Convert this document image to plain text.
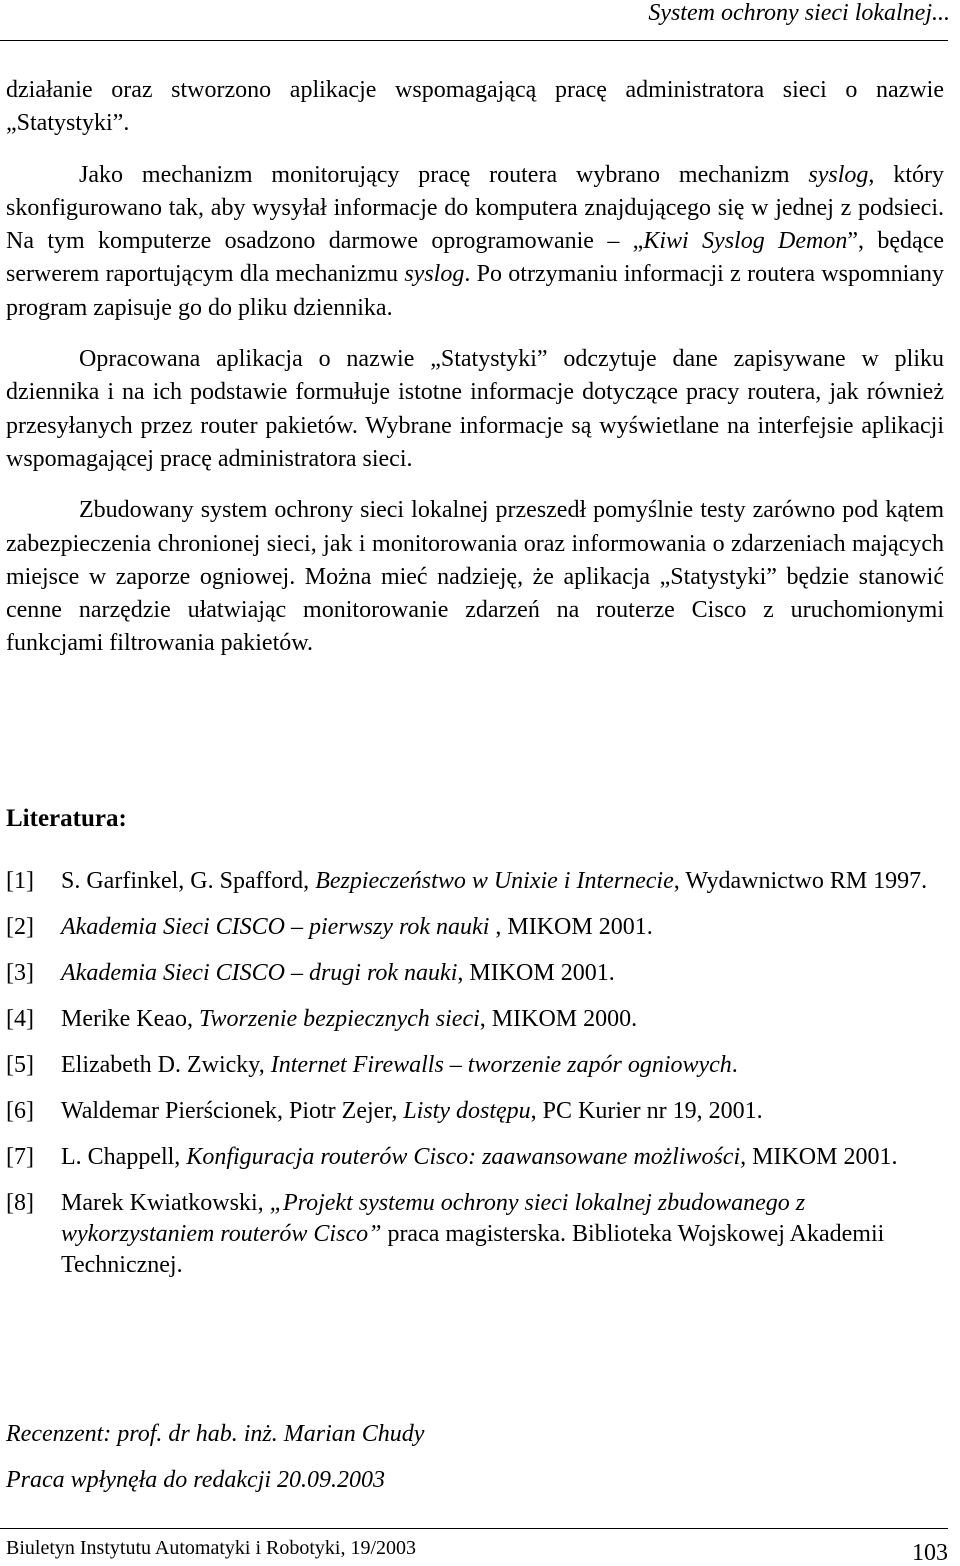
System ochrony sieci lokalnej...

działanie oraz stworzono aplikacje wspomagającą pracę administratora sieci o nazwie „Statystyki”.

Jako mechanizm monitorujący pracę routera wybrano mechanizm syslog, który skonfigurowano tak, aby wysyłał informacje do komputera znajdującego się w jednej z podsieci. Na tym komputerze osadzono darmowe oprogramowanie – „Kiwi Syslog Demon”, będące serwerem raportującym dla mechanizmu syslog. Po otrzymaniu informacji z routera wspomniany program zapisuje go do pliku dziennika.

Opracowana aplikacja o nazwie „Statystyki” odczytuje dane zapisywane w pliku dziennika i na ich podstawie formułuje istotne informacje dotyczące pracy routera, jak również przesyłanych przez router pakietów. Wybrane informacje są wyświetlane na interfejsie aplikacji wspomagającej pracę administratora sieci.

Zbudowany system ochrony sieci lokalnej przeszedł pomyślnie testy zarówno pod kątem zabezpieczenia chronionej sieci, jak i monitorowania oraz informowania o zdarzeniach mających miejsce w zaporze ogniowej. Można mieć nadzieję, że aplikacja „Statystyki” będzie stanowić cenne narzędzie ułatwiając monitorowanie zdarzeń na routerze Cisco z uruchomionymi funkcjami filtrowania pakietów.

Literatura:
[1]	S. Garfinkel, G. Spafford, Bezpieczeństwo w Unixie i Internecie, Wydawnictwo RM 1997.
[2]	Akademia Sieci CISCO – pierwszy rok nauki , MIKOM 2001.
[3]	Akademia Sieci CISCO – drugi rok nauki, MIKOM 2001.
[4]	Merike Keao, Tworzenie bezpiecznych sieci, MIKOM 2000.
[5]	Elizabeth D. Zwicky, Internet Firewalls – tworzenie zapór ogniowych.
[6]	Waldemar Pierścionek, Piotr Zejer, Listy dostępu, PC Kurier nr 19, 2001.
[7]	L. Chappell, Konfiguracja routerów Cisco: zaawansowane możliwości, MIKOM 2001.
[8]	Marek Kwiatkowski, „Projekt systemu ochrony sieci lokalnej zbudowanego z wykorzystaniem routerów Cisco” praca magisterska. Biblioteka Wojskowej Akademii Technicznej.
Recenzent: prof. dr hab. inż. Marian Chudy
Praca wpłynęła do redakcji 20.09.2003
Biuletyn Instytutu Automatyki i Robotyki, 19/2003	103
